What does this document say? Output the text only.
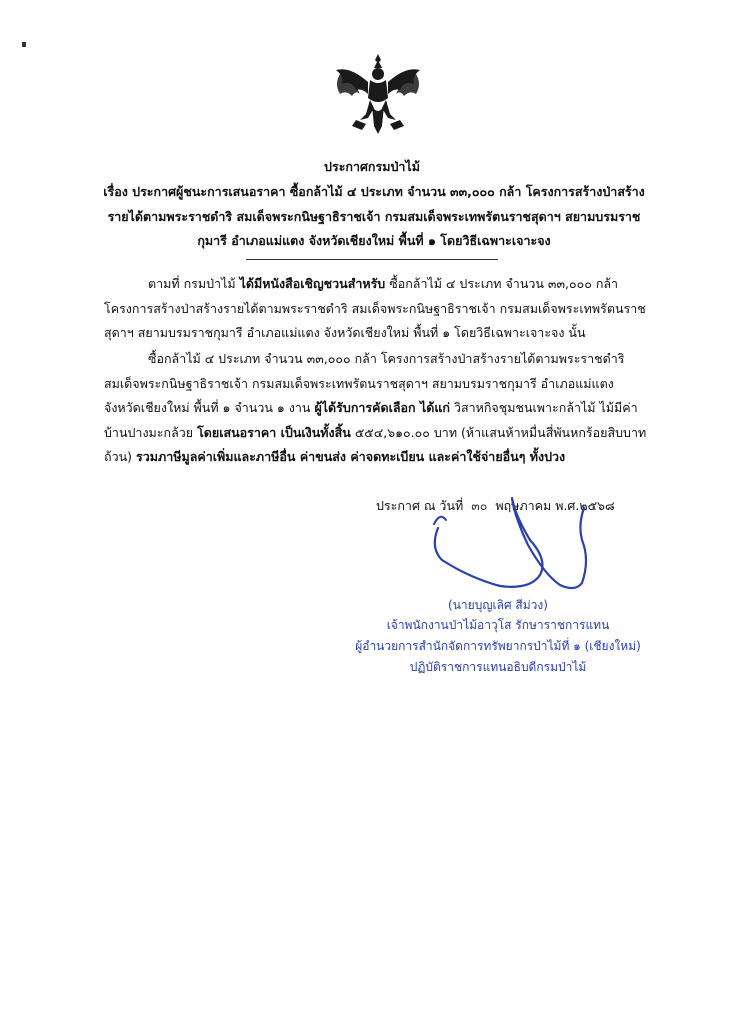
ประกาศกรมป่าไม้
เรื่อง ประกาศผู้ชนะการเสนอราคา ซื้อกล้าไม้ ๔ ประเภท จำนวน ๓๓,๐๐๐ กล้า โครงการสร้างป่าสร้างรายได้ตามพระราชดำริ สมเด็จพระกนิษฐาธิราชเจ้า กรมสมเด็จพระเทพรัตนราชสุดาฯ สยามบรมราชกุมารี อำเภอแม่แตง จังหวัดเชียงใหม่ พื้นที่ ๑ โดยวิธีเฉพาะเจาะจง
ตามที่ กรมป่าไม้ ได้มีหนังสือเชิญชวนสำหรับ ซื้อกล้าไม้ ๔ ประเภท จำนวน ๓๓,๐๐๐ กล้า โครงการสร้างป่าสร้างรายได้ตามพระราชดำริ สมเด็จพระกนิษฐาธิราชเจ้า กรมสมเด็จพระเทพรัตนราชสุดาฯ สยามบรมราชกุมารี อำเภอแม่แตง จังหวัดเชียงใหม่ พื้นที่ ๑ โดยวิธีเฉพาะเจาะจง นั้น
ซื้อกล้าไม้ ๔ ประเภท จำนวน ๓๓,๐๐๐ กล้า โครงการสร้างป่าสร้างรายได้ตามพระราชดำริ สมเด็จพระกนิษฐาธิราชเจ้า กรมสมเด็จพระเทพรัตนราชสุดาฯ สยามบรมราชกุมารี อำเภอแม่แตง จังหวัดเชียงใหม่ พื้นที่ ๑ จำนวน ๑ งาน ผู้ได้รับการคัดเลือก ได้แก่ วิสาหกิจชุมชนเพาะกล้าไม้ ไม้มีค่าบ้านปางมะกล้วย โดยเสนอราคา เป็นเงินทั้งสิ้น ๕๕๔,๖๑๐.๐๐ บาท (ห้าแสนห้าหมื่นสี่พันหกร้อยสิบบาทถ้วน) รวมภาษีมูลค่าเพิ่มและภาษีอื่น ค่าขนส่ง ค่าจดทะเบียน และค่าใช้จ่ายอื่นๆ ทั้งปวง
ประกาศ ณ วันที่ ๓๐ พฤษภาคม พ.ศ.๒๕๖๘
(นายบุญเลิศ สีม่วง)
เจ้าพนักงานป่าไม้อาวุโส รักษาราชการแทน
ผู้อำนวยการสำนักจัดการทรัพยากรป่าไม้ที่ ๑ (เชียงใหม่)
ปฏิบัติราชการแทนอธิบดีกรมป่าไม้
